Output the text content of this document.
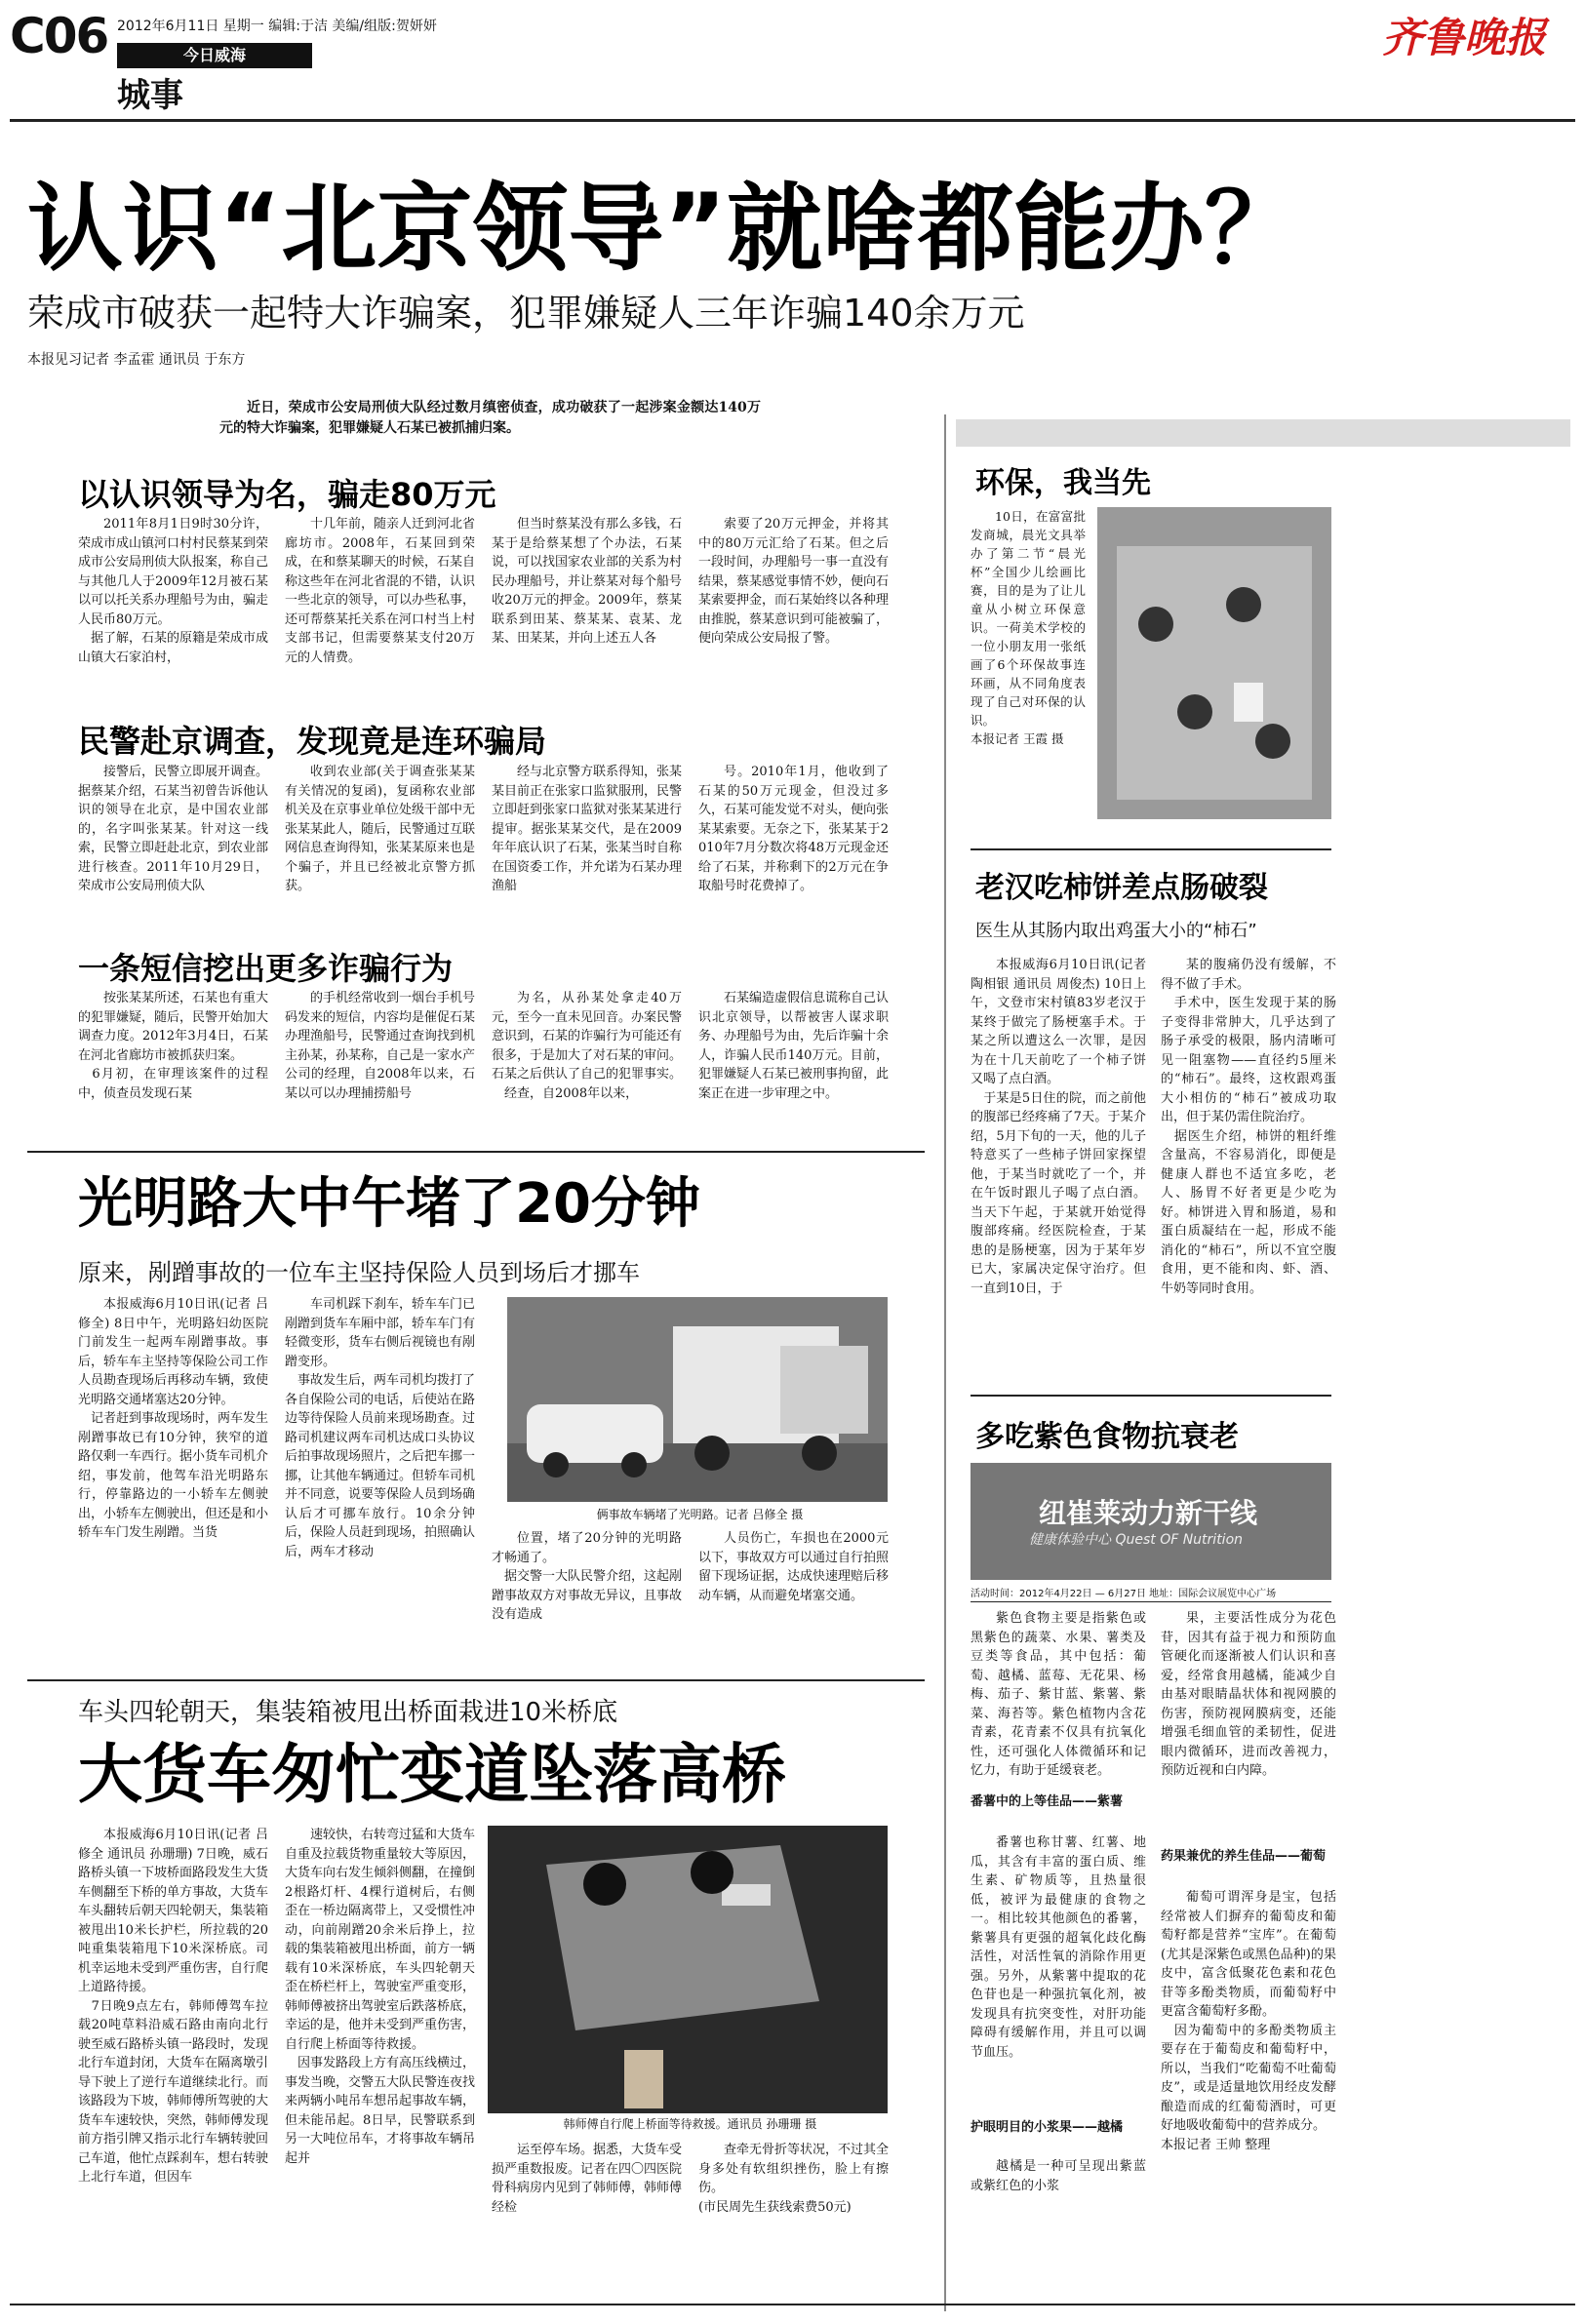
C06 2012年6月11日 星期一 编辑:于洁 美编/组版:贺妍妍
今日威海
城事
齐鲁晚报
认识“北京领导”就啥都能办？
荣成市破获一起特大诈骗案，犯罪嫌疑人三年诈骗140余万元
本报见习记者 李孟霍 通讯员 于东方
近日，荣成市公安局刑侦大队经过数月缜密侦查，成功破获了一起涉案金额达140万元的特大诈骗案，犯罪嫌疑人石某已被抓捕归案。
以认识领导为名，骗走80万元
2011年8月1日9时30分许，荣成市成山镇河口村村民蔡某到荣成市公安局刑侦大队报案，称自己与其他几人于2009年12月被石某以可以托关系办理船号为由，骗走人民币80万元。
　据了解，石某的原籍是荣成市成山镇大石家泊村，
十几年前，随亲人迁到河北省廊坊市。2008年，石某回到荣成，在和蔡某聊天的时候，石某自称这些年在河北省混的不错，认识一些北京的领导，可以办些私事，还可帮蔡某托关系在河口村当上村支部书记，但需要蔡某支付20万元的人情费。
但当时蔡某没有那么多钱，石某于是给蔡某想了个办法，石某说，可以找国家农业部的关系为村民办理船号，并让蔡某对每个船号收20万元的押金。2009年，蔡某联系到田某、蔡某某、袁某、龙某、田某某，并向上述五人各
索要了20万元押金，并将其中的80万元汇给了石某。但之后一段时间，办理船号一事一直没有结果，蔡某感觉事情不妙，便向石某索要押金，而石某始终以各种理由推脱，蔡某意识到可能被骗了，便向荣成公安局报了警。
民警赴京调查，发现竟是连环骗局
接警后，民警立即展开调查。据蔡某介绍，石某当初曾告诉他认识的领导在北京，是中国农业部的，名字叫张某某。针对这一线索，民警立即赶赴北京，到农业部进行核查。2011年10月29日，荣成市公安局刑侦大队
收到农业部(关于调查张某某有关情况的复函)，复函称农业部机关及在京事业单位处级干部中无张某某此人，随后，民警通过互联网信息查询得知，张某某原来也是个骗子，并且已经被北京警方抓获。
经与北京警方联系得知，张某某目前正在张家口监狱服刑，民警立即赶到张家口监狱对张某某进行提审。据张某某交代，是在2009年年底认识了石某，张某当时自称在国资委工作，并允诺为石某办理渔船
号。2010年1月，他收到了石某的50万元现金，但没过多久，石某可能发觉不对头，便向张某某索要。无奈之下，张某某于2010年7月分数次将48万元现金还给了石某，并称剩下的2万元在争取船号时花费掉了。
一条短信挖出更多诈骗行为
按张某某所述，石某也有重大的犯罪嫌疑，随后，民警开始加大调查力度。2012年3月4日，石某在河北省廊坊市被抓获归案。
　6月初，在审理该案件的过程中，侦查员发现石某
的手机经常收到一烟台手机号码发来的短信，内容均是催促石某办理渔船号，民警通过查询找到机主孙某，孙某称，自己是一家水产公司的经理，自2008年以来，石某以可以办理捕捞船号
为名，从孙某处拿走40万元，至今一直未见回音。办案民警意识到，石某的诈骗行为可能还有很多，于是加大了对石某的审问。石某之后供认了自己的犯罪事实。
　经查，自2008年以来，
石某编造虚假信息谎称自己认识北京领导，以帮被害人谋求职务、办理船号为由，先后诈骗十余人，诈骗人民币140万元。目前，犯罪嫌疑人石某已被刑事拘留，此案正在进一步审理之中。
光明路大中午堵了20分钟
原来，剐蹭事故的一位车主坚持保险人员到场后才挪车
本报威海6月10日讯(记者 吕修全) 8日中午，光明路妇幼医院门前发生一起两车剐蹭事故。事后，轿车车主坚持等保险公司工作人员勘查现场后再移动车辆，致使光明路交通堵塞达20分钟。
　记者赶到事故现场时，两车发生剐蹭事故已有10分钟，狭窄的道路仅剩一车西行。据小货车司机介绍，事发前，他驾车沿光明路东行，停靠路边的一小轿车左侧驶出，小轿车左侧驶出，但还是和小轿车车门发生剐蹭。当货
车司机踩下刹车，轿车车门已剐蹭到货车车厢中部，轿车车门有轻微变形，货车右侧后视镜也有剐蹭变形。
　事故发生后，两车司机均拨打了各自保险公司的电话，后使站在路边等待保险人员前来现场勘查。过路司机建议两车司机达成口头协议后拍事故现场照片，之后把车挪一挪，让其他车辆通过。但轿车司机并不同意，说要等保险人员到场确认后才可挪车放行。10余分钟后，保险人员赶到现场，拍照确认后，两车才移动
俩事故车辆堵了光明路。记者 吕修全 摄
位置，堵了20分钟的光明路才畅通了。
　据交警一大队民警介绍，这起剐蹭事故双方对事故无异议，且事故没有造成
人员伤亡，车损也在2000元以下，事故双方可以通过自行拍照留下现场证据，达成快速理赔后移动车辆，从而避免堵塞交通。
车头四轮朝天，集装箱被甩出桥面栽进10米桥底
大货车匆忙变道坠落高桥
本报威海6月10日讯(记者 吕修全 通讯员 孙珊珊) 7日晚，威石路桥头镇一下坡桥面路段发生大货车侧翻至下桥的单方事故，大货车车头翻转后朝天四轮朝天，集装箱被甩出10米长护栏，所拉载的20吨重集装箱甩下10米深桥底。司机幸运地未受到严重伤害，自行爬上道路待援。
　7日晚9点左右，韩师傅驾车拉载20吨草料沿威石路由南向北行驶至威石路桥头镇一路段时，发现北行车道封闭，大货车在隔离墩引导下驶上了逆行车道继续北行。而该路段为下坡，韩师傅所驾驶的大货车车速较快，突然，韩师傅发现前方指引牌又指示北行车辆转驶回己车道，他忙点踩刹车，想右转驶上北行车道，但因车
速较快，右转弯过猛和大货车自重及拉载货物重量较大等原因，大货车向右发生倾斜侧翻，在撞倒2根路灯杆、4棵行道树后，右侧歪在一桥边隔离带上，又受惯性冲动，向前剐蹭20余米后挣上，拉载的集装箱被甩出桥面，前方一辆载有10米深桥底，车头四轮朝天歪在桥栏杆上，驾驶室严重变形，韩师傅被挤出驾驶室后跌落桥底，幸运的是，他并未受到严重伤害，自行爬上桥面等待救援。
　因事发路段上方有高压线横过，事发当晚，交警五大队民警连夜找来两辆小吨吊车想吊起事故车辆，但未能吊起。8日早，民警联系到另一大吨位吊车，才将事故车辆吊起并
韩师傅自行爬上桥面等待救援。通讯员 孙珊珊 摄
运至停车场。据悉，大货车受损严重数报废。记者在四〇四医院骨科病房内见到了韩师傅，韩师傅经检
查牵无骨折等状况，不过其全身多处有软组织挫伤，脸上有擦伤。
(市民周先生获线索费50元)
环保，我当先
10日，在富富批发商城，晨光文具举办了第二节“晨光杯”全国少儿绘画比赛，目的是为了让儿童从小树立环保意识。一荷美术学校的一位小朋友用一张纸画了6个环保故事连环画，从不同角度表现了自己对环保的认识。
本报记者 王霞 摄
老汉吃柿饼差点肠破裂
医生从其肠内取出鸡蛋大小的“柿石”
本报威海6月10日讯(记者 陶相银 通讯员 周俊杰) 10日上午，文登市宋村镇83岁老汉于某终于做完了肠梗塞手术。于某之所以遭这么一次罪，是因为在十几天前吃了一个柿子饼又喝了点白酒。
　于某是5日住的院，而之前他的腹部已经疼痛了7天。于某介绍，5月下旬的一天，他的儿子特意买了一些柿子饼回家探望他，于某当时就吃了一个，并在午饭时跟儿子喝了点白酒。当天下午起，于某就开始觉得腹部疼痛。经医院检查，于某患的是肠梗塞，因为于某年岁已大，家属决定保守治疗。但一直到10日，于
某的腹痛仍没有缓解，不得不做了手术。
　手术中，医生发现于某的肠子变得非常肿大，几乎达到了肠子承受的极限，肠内清晰可见一阻塞物——直径约5厘米的“柿石”。最终，这枚跟鸡蛋大小相仿的“柿石”被成功取出，但于某仍需住院治疗。
　据医生介绍，柿饼的粗纤维含量高，不容易消化，即便是健康人群也不适宜多吃，老人、肠胃不好者更是少吃为好。柿饼进入胃和肠道，易和蛋白质凝结在一起，形成不能消化的“柿石”，所以不宜空腹食用，更不能和肉、虾、酒、牛奶等同时食用。
多吃紫色食物抗衰老
纽崔莱动力新干线
健康体验中心 Quest OF Nutrition
活动时间：2012年4月22日 — 6月27日 地址：国际会议展览中心广场
紫色食物主要是指紫色或黑紫色的蔬菜、水果、薯类及豆类等食品，其中包括：葡萄、越橘、蓝莓、无花果、杨梅、茄子、紫甘蓝、紫薯、紫菜、海苔等。紫色植物内含花青素，花青素不仅具有抗氧化性，还可强化人体微循环和记忆力，有助于延缓衰老。
番薯中的上等佳品——紫薯
番薯也称甘薯、红薯、地瓜，其含有丰富的蛋白质、维生素、矿物质等，且热量很低，被评为最健康的食物之一。相比较其他颜色的番薯，紫薯具有更强的超氧化歧化酶活性，对活性氧的消除作用更强。另外，从紫薯中提取的花色苷也是一种强抗氧化剂，被发现具有抗突变性，对肝功能障碍有缓解作用，并且可以调节血压。
护眼明目的小浆果——越橘
越橘是一种可呈现出紫蓝或紫红色的小浆
果，主要活性成分为花色苷，因其有益于视力和预防血管硬化而逐渐被人们认识和喜爱，经常食用越橘，能减少自由基对眼睛晶状体和视网膜的伤害，预防视网膜病变，还能增强毛细血管的柔韧性，促进眼内微循环，进而改善视力，预防近视和白内障。
药果兼优的养生佳品——葡萄
葡萄可谓浑身是宝，包括经常被人们摒弃的葡萄皮和葡萄籽都是营养“宝库”。在葡萄(尤其是深紫色或黑色品种)的果皮中，富含低聚花色素和花色苷等多酚类物质，而葡萄籽中更富含葡萄籽多酚。
　因为葡萄中的多酚类物质主要存在于葡萄皮和葡萄籽中，所以，当我们“吃葡萄不吐葡萄皮”，或是适量地饮用经皮发酵酿造而成的红葡萄酒时，可更好地吸收葡萄中的营养成分。
本报记者 王帅 整理
